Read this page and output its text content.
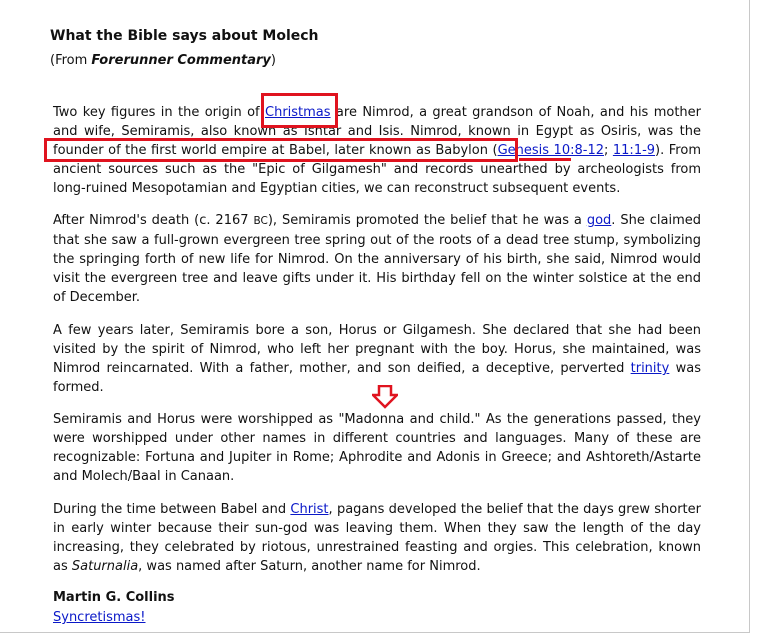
What the Bible says about Molech
(From Forerunner Commentary)
Two key figures in the origin of Christmas are Nimrod, a great grandson of Noah, and his mother and wife, Semiramis, also known as Ishtar and Isis. Nimrod, known in Egypt as Osiris, was the founder of the first world empire at Babel, later known as Babylon (Genesis 10:8-12; 11:1-9). From ancient sources such as the "Epic of Gilgamesh" and records unearthed by archeologists from long-ruined Mesopotamian and Egyptian cities, we can reconstruct subsequent events.
After Nimrod's death (c. 2167 BC), Semiramis promoted the belief that he was a god. She claimed that she saw a full-grown evergreen tree spring out of the roots of a dead tree stump, symbolizing the springing forth of new life for Nimrod. On the anniversary of his birth, she said, Nimrod would visit the evergreen tree and leave gifts under it. His birthday fell on the winter solstice at the end of December.
A few years later, Semiramis bore a son, Horus or Gilgamesh. She declared that she had been visited by the spirit of Nimrod, who left her pregnant with the boy. Horus, she maintained, was Nimrod reincarnated. With a father, mother, and son deified, a deceptive, perverted trinity was formed.
Semiramis and Horus were worshipped as "Madonna and child." As the generations passed, they were worshipped under other names in different countries and languages. Many of these are recognizable: Fortuna and Jupiter in Rome; Aphrodite and Adonis in Greece; and Ashtoreth/Astarte and Molech/Baal in Canaan.
During the time between Babel and Christ, pagans developed the belief that the days grew shorter in early winter because their sun-god was leaving them. When they saw the length of the day increasing, they celebrated by riotous, unrestrained feasting and orgies. This celebration, known as Saturnalia, was named after Saturn, another name for Nimrod.
Martin G. Collins
Syncretismas!
